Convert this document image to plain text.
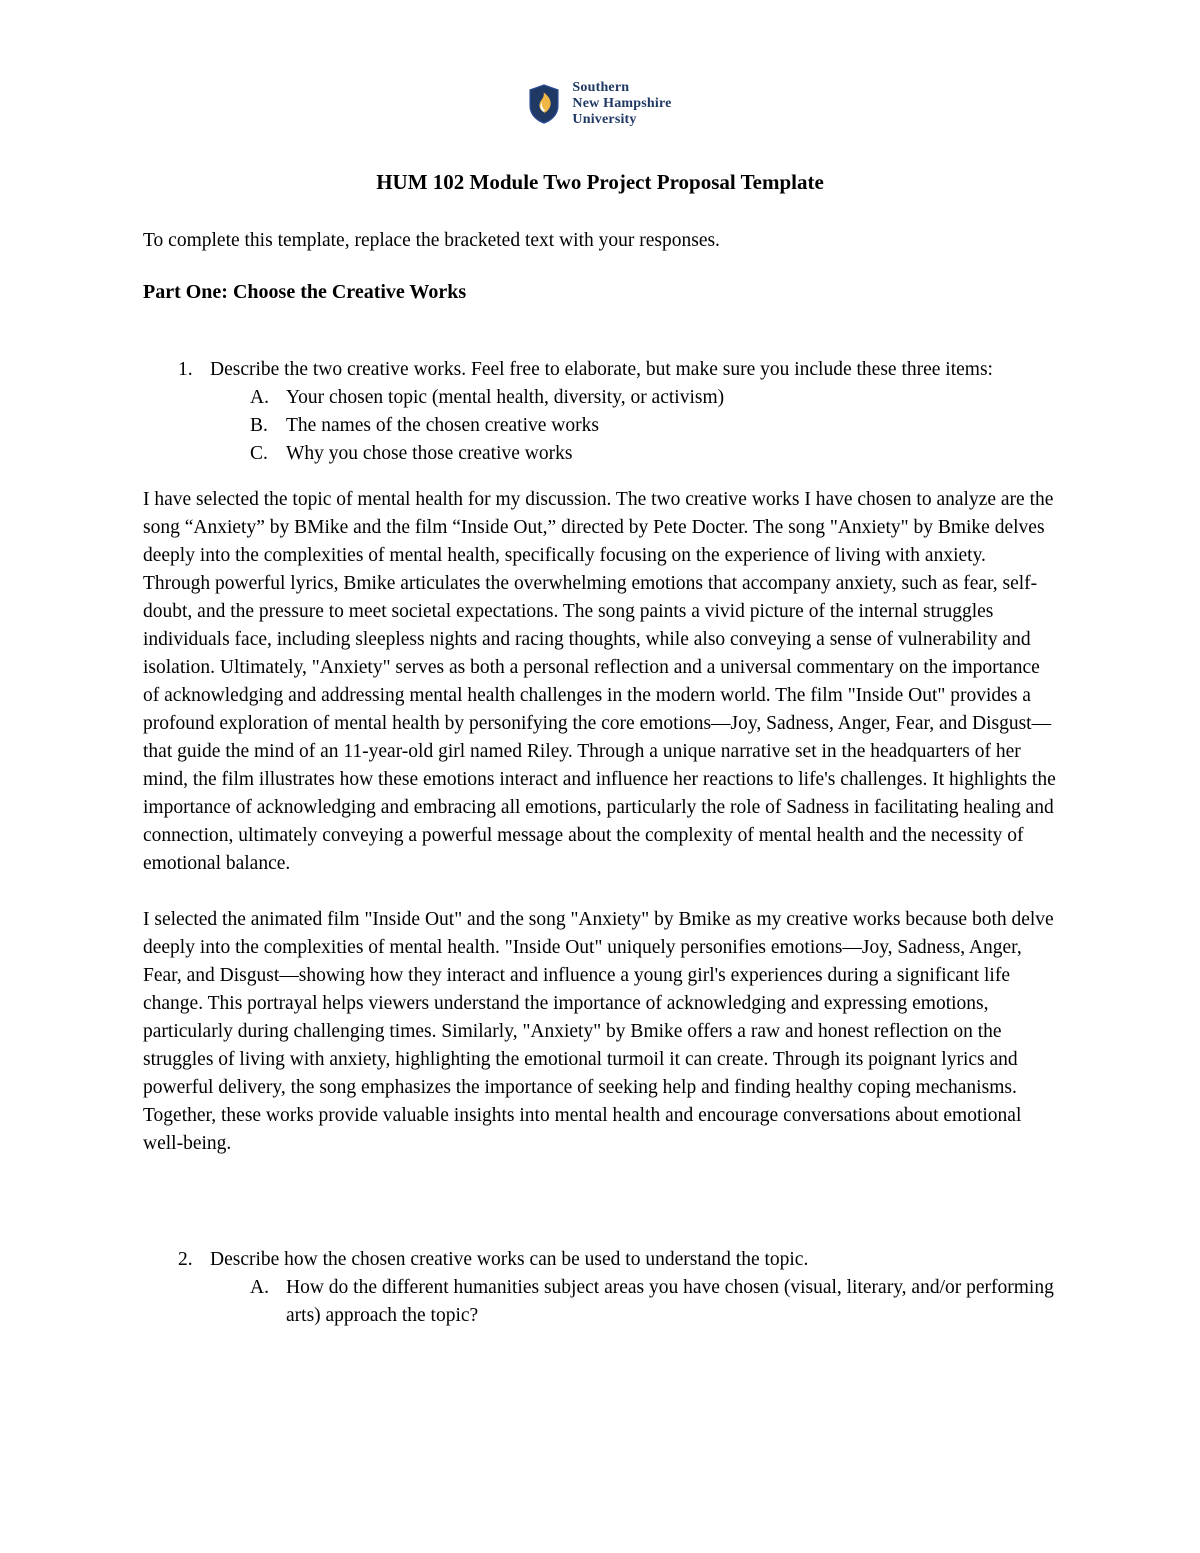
Southern
New Hampshire
University
HUM 102 Module Two Project Proposal Template

To complete this template, replace the bracketed text with your responses.

Part One: Choose the Creative Works
1. Describe the two creative works. Feel free to elaborate, but make sure you include these three items:
A. Your chosen topic (mental health, diversity, or activism)
B. The names of the chosen creative works
C. Why you chose those creative works

I have selected the topic of mental health for my discussion. The two creative works I have chosen to analyze are the song “Anxiety” by BMike and the film “Inside Out,” directed by Pete Docter. The song "Anxiety" by Bmike delves deeply into the complexities of mental health, specifically focusing on the experience of living with anxiety. Through powerful lyrics, Bmike articulates the overwhelming emotions that accompany anxiety, such as fear, self-doubt, and the pressure to meet societal expectations. The song paints a vivid picture of the internal struggles individuals face, including sleepless nights and racing thoughts, while also conveying a sense of vulnerability and isolation. Ultimately, "Anxiety" serves as both a personal reflection and a universal commentary on the importance of acknowledging and addressing mental health challenges in the modern world. The film "Inside Out" provides a profound exploration of mental health by personifying the core emotions—Joy, Sadness, Anger, Fear, and Disgust—that guide the mind of an 11-year-old girl named Riley. Through a unique narrative set in the headquarters of her mind, the film illustrates how these emotions interact and influence her reactions to life's challenges. It highlights the importance of acknowledging and embracing all emotions, particularly the role of Sadness in facilitating healing and connection, ultimately conveying a powerful message about the complexity of mental health and the necessity of emotional balance.

I selected the animated film "Inside Out" and the song "Anxiety" by Bmike as my creative works because both delve deeply into the complexities of mental health. "Inside Out" uniquely personifies emotions—Joy, Sadness, Anger, Fear, and Disgust—showing how they interact and influence a young girl's experiences during a significant life change. This portrayal helps viewers understand the importance of acknowledging and expressing emotions, particularly during challenging times. Similarly, "Anxiety" by Bmike offers a raw and honest reflection on the struggles of living with anxiety, highlighting the emotional turmoil it can create. Through its poignant lyrics and powerful delivery, the song emphasizes the importance of seeking help and finding healthy coping mechanisms. Together, these works provide valuable insights into mental health and encourage conversations about emotional well-being.

2. Describe how the chosen creative works can be used to understand the topic.
A. How do the different humanities subject areas you have chosen (visual, literary, and/or performing arts) approach the topic?
